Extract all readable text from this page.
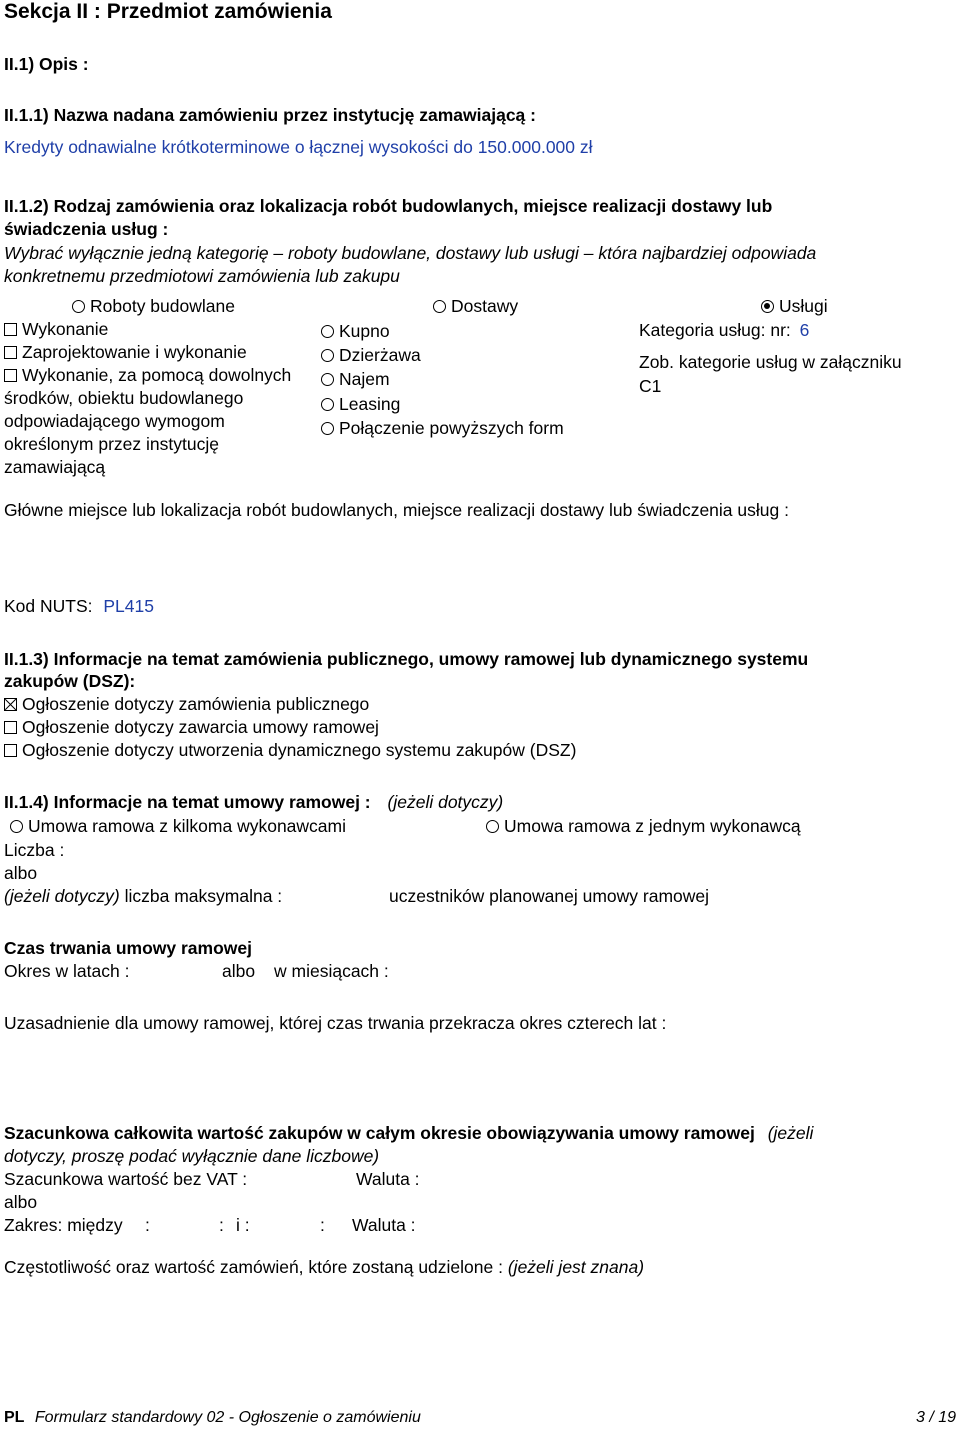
Sekcja II : Przedmiot zamówienia
II.1) Opis :
II.1.1) Nazwa nadana zamówieniu przez instytucję zamawiającą :
Kredyty odnawialne krótkoterminowe o łącznej wysokości do 150.000.000 zł
II.1.2) Rodzaj zamówienia oraz lokalizacja robót budowlanych, miejsce realizacji dostawy lub
świadczenia usług :
Wybrać wyłącznie jedną kategorię – roboty budowlane, dostawy lub usługi – która najbardziej odpowiada
konkretnemu przedmiotowi zamówienia lub zakupu
Roboty budowlane	Dostawy	Usługi
Wykonanie
Zaprojektowanie i wykonanie
Wykonanie, za pomocą dowolnych
środków, obiektu budowlanego
odpowiadającego wymogom
określonym przez instytucję
zamawiającą
Kupno
Dzierżawa
Najem
Leasing
Połączenie powyższych form
Kategoria usług: nr: 6
Zob. kategorie usług w załączniku
C1
Główne miejsce lub lokalizacja robót budowlanych, miejsce realizacji dostawy lub świadczenia usług :
Kod NUTS: PL415
II.1.3) Informacje na temat zamówienia publicznego, umowy ramowej lub dynamicznego systemu
zakupów (DSZ):
Ogłoszenie dotyczy zamówienia publicznego
Ogłoszenie dotyczy zawarcia umowy ramowej
Ogłoszenie dotyczy utworzenia dynamicznego systemu zakupów (DSZ)
II.1.4) Informacje na temat umowy ramowej : (jeżeli dotyczy)
Umowa ramowa z kilkoma wykonawcami	Umowa ramowa z jednym wykonawcą
Liczba :
albo
(jeżeli dotyczy) liczba maksymalna :	uczestników planowanej umowy ramowej
Czas trwania umowy ramowej
Okres w latach :	albo w miesiącach :
Uzasadnienie dla umowy ramowej, której czas trwania przekracza okres czterech lat :
Szacunkowa całkowita wartość zakupów w całym okresie obowiązywania umowy ramowej (jeżeli
dotyczy, proszę podać wyłącznie dane liczbowe)
Szacunkowa wartość bez VAT :	Waluta :
albo
Zakres: między :	: i :	: Waluta :
Częstotliwość oraz wartość zamówień, które zostaną udzielone : (jeżeli jest znana)
PL Formularz standardowy 02 - Ogłoszenie o zamówieniu	3 / 19
